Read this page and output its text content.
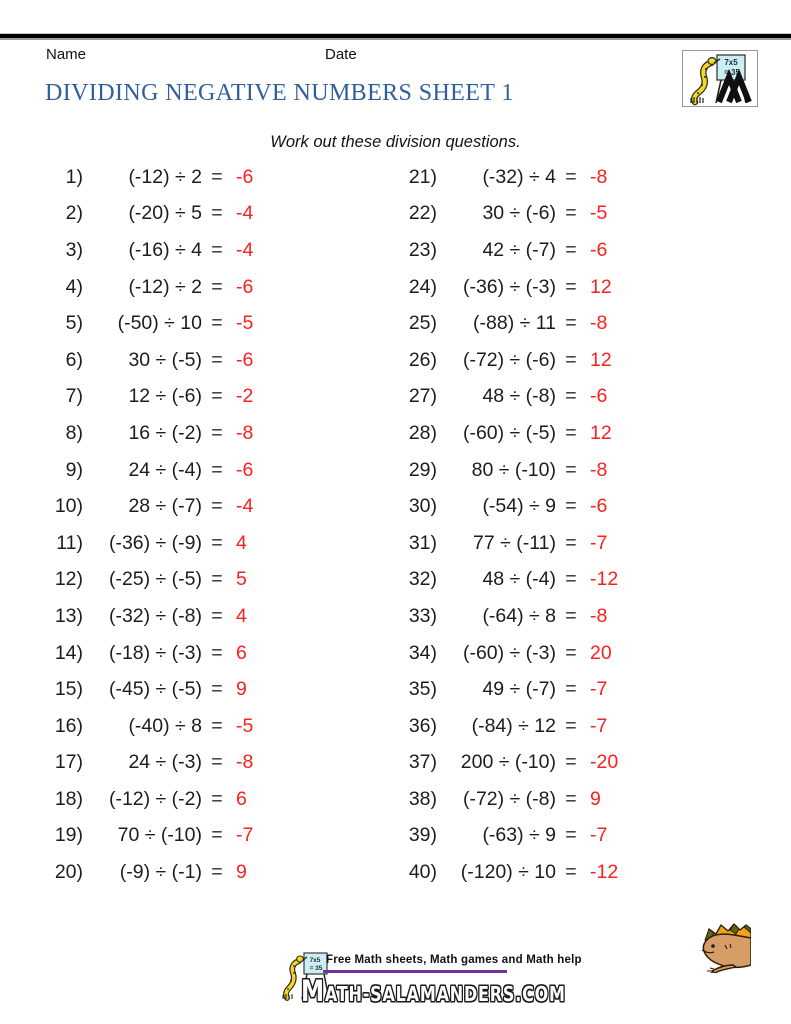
Name	Date	7x5
= 35
DIVIDING NEGATIVE NUMBERS SHEET 1
Work out these division questions.
1)	(-12) ÷ 2 = -6
2)	(-20) ÷ 5 = -4
3)	(-16) ÷ 4 = -4
4)	(-12) ÷ 2 = -6
5)	(-50) ÷ 10 = -5
6)	30 ÷ (-5) = -6
7)	12 ÷ (-6) = -2
8)	16 ÷ (-2) = -8
9)	24 ÷ (-4) = -6
10)	28 ÷ (-7) = -4
11)	(-36) ÷ (-9) = 4
12)	(-25) ÷ (-5) = 5
13)	(-32) ÷ (-8) = 4
14)	(-18) ÷ (-3) = 6
15)	(-45) ÷ (-5) = 9
16)	(-40) ÷ 8 = -5
17)	24 ÷ (-3) = -8
18)	(-12) ÷ (-2) = 6
19)	70 ÷ (-10) = -7
20)	(-9) ÷ (-1) = 9
21)	(-32) ÷ 4 = -8
22)	30 ÷ (-6) = -5
23)	42 ÷ (-7) = -6
24)	(-36) ÷ (-3) = 12
25)	(-88) ÷ 11 = -8
26)	(-72) ÷ (-6) = 12
27)	48 ÷ (-8) = -6
28)	(-60) ÷ (-5) = 12
29)	80 ÷ (-10) = -8
30)	(-54) ÷ 9 = -6
31)	77 ÷ (-11) = -7
32)	48 ÷ (-4) = -12
33)	(-64) ÷ 8 = -8
34)	(-60) ÷ (-3) = 20
35)	49 ÷ (-7) = -7
36)	(-84) ÷ 12 = -7
37)	200 ÷ (-10) = -20
38)	(-72) ÷ (-8) = 9
39)	(-63) ÷ 9 = -7
40)	(-120) ÷ 10 = -12
7x5
= 35
Free Math sheets, Math games and Math help
MATH-SALAMANDERS.COM
